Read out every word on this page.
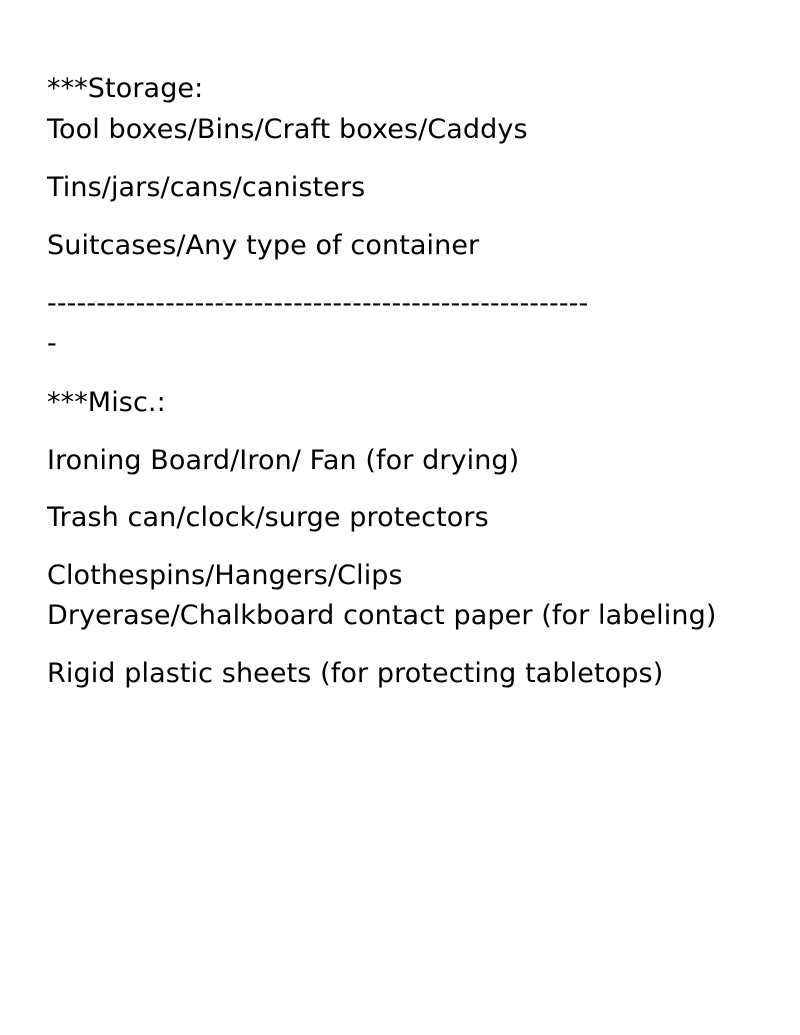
***Storage:
Tool boxes/Bins/Craft boxes/Caddys
Tins/jars/cans/canisters
Suitcases/Any type of container
-------------------------------------------------------
-
***Misc.:
Ironing Board/Iron/ Fan (for drying)
Trash can/clock/surge protectors
Clothespins/Hangers/Clips
Dryerase/Chalkboard contact paper (for labeling)
Rigid plastic sheets (for protecting tabletops)
